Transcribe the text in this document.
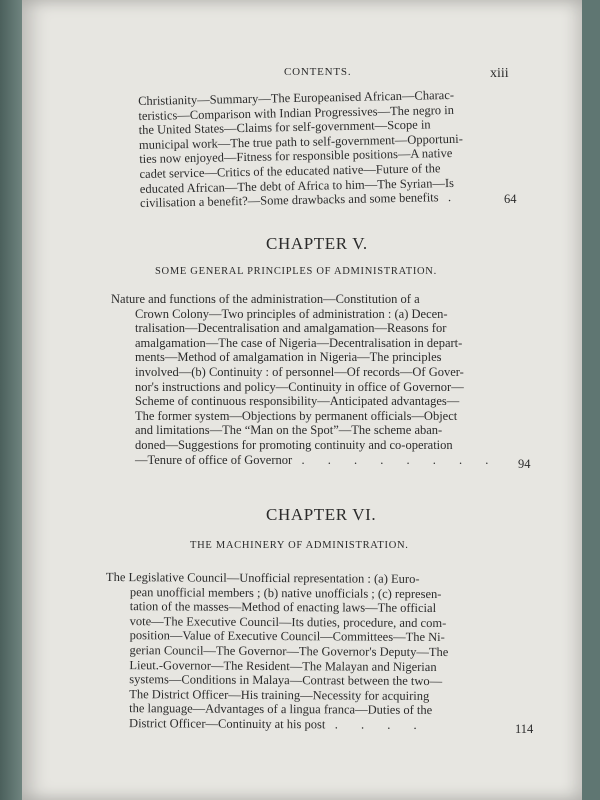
CONTENTS.	xiii
Christianity—Summary—The Europeanised African—Charac-
teristics—Comparison with Indian Progressives—The negro in
the United States—Claims for self-government—Scope in
municipal work—The true path to self-government—Opportuni-
ties now enjoyed—Fitness for responsible positions—A native
cadet service—Critics of the educated native—Future of the
educated African—The debt of Africa to him—The Syrian—Is
civilisation a benefit?—Some drawbacks and some benefits .	64
CHAPTER V.
SOME GENERAL PRINCIPLES OF ADMINISTRATION.
Nature and functions of the administration—Constitution of a
Crown Colony—Two principles of administration : (a) Decen-
tralisation—Decentralisation and amalgamation—Reasons for
amalgamation—The case of Nigeria—Decentralisation in depart-
ments—Method of amalgamation in Nigeria—The principles
involved—(b) Continuity : of personnel—Of records—Of Gover-
nor's instructions and policy—Continuity in office of Governor—
Scheme of continuous responsibility—Anticipated advantages—
The former system—Objections by permanent officials—Object
and limitations—The “Man on the Spot”—The scheme aban-
doned—Suggestions for promoting continuity and co-operation
—Tenure of office of Governor . . . . . . . .	94
CHAPTER VI.
THE MACHINERY OF ADMINISTRATION.
The Legislative Council—Unofficial representation : (a) Euro-
pean unofficial members ; (b) native unofficials ; (c) represen-
tation of the masses—Method of enacting laws—The official
vote—The Executive Council—Its duties, procedure, and com-
position—Value of Executive Council—Committees—The Ni-
gerian Council—The Governor—The Governor's Deputy—The
Lieut.-Governor—The Resident—The Malayan and Nigerian
systems—Conditions in Malaya—Contrast between the two—
The District Officer—His training—Necessity for acquiring
the language—Advantages of a lingua franca—Duties of the
District Officer—Continuity at his post . . . .	114
